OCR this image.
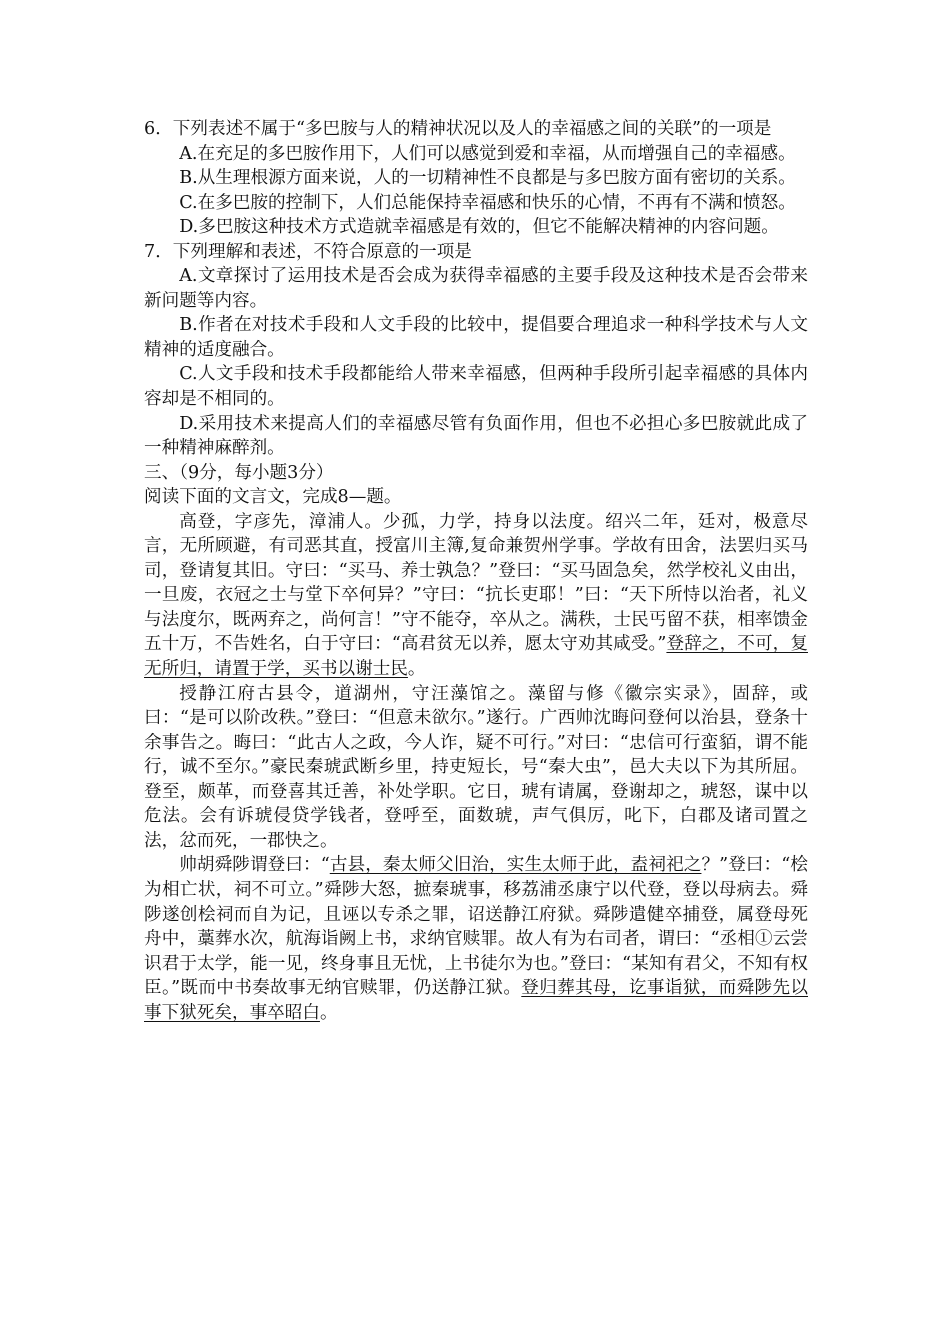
6．下列表述不属于“多巴胺与人的精神状况以及人的幸福感之间的关联”的一项是

A.在充足的多巴胺作用下，人们可以感觉到爱和幸福，从而增强自己的幸福感。

B.从生理根源方面来说，人的一切精神性不良都是与多巴胺方面有密切的关系。

C.在多巴胺的控制下，人们总能保持幸福感和快乐的心情，不再有不满和愤怒。

D.多巴胺这种技术方式造就幸福感是有效的，但它不能解决精神的内容问题。

7．下列理解和表述，不符合原意的一项是

A.文章探讨了运用技术是否会成为获得幸福感的主要手段及这种技术是否会带来新问题等内容。

B.作者在对技术手段和人文手段的比较中，提倡要合理追求一种科学技术与人文精神的适度融合。

C.人文手段和技术手段都能给人带来幸福感，但两种手段所引起幸福感的具体内容却是不相同的。

D.采用技术来提高人们的幸福感尽管有负面作用，但也不必担心多巴胺就此成了一种精神麻醉剂。

三、（9分，每小题3分）

阅读下面的文言文，完成8—题。

高登，字彦先，漳浦人。少孤，力学，持身以法度。绍兴二年，廷对，极意尽言，无所顾避，有司恶其直，授富川主簿,复命兼贺州学事。学故有田舍，法罢归买马司，登请复其旧。守曰：“买马、养士孰急？”登曰：“买马固急矣，然学校礼义由出，一旦废，衣冠之士与堂下卒何异？”守曰：“抗长吏耶！”曰：“天下所恃以治者，礼义与法度尔，既两弃之，尚何言！”守不能夺，卒从之。满秩，士民丐留不获，相率馈金五十万，不告姓名，白于守曰：“高君贫无以养，愿太守劝其咸受。”登辞之，不可，复无所归，请置于学，买书以谢士民。

授静江府古县令，道湖州，守汪藻馆之。藻留与修《徽宗实录》，固辞，或曰：“是可以阶改秩。”登曰：“但意未欲尔。”遂行。广西帅沈晦问登何以治县，登条十余事告之。晦曰：“此古人之政，今人诈，疑不可行。”对曰：“忠信可行蛮貊，谓不能行，诚不至尔。”豪民秦琥武断乡里，持吏短长，号“秦大虫”，邑大夫以下为其所屈。登至，颇革，而登喜其迁善，补处学职。它日，琥有请属，登谢却之，琥怒，谋中以危法。会有诉琥侵贷学钱者，登呼至，面数琥，声气俱厉，叱下，白郡及诸司置之法，忿而死，一郡快之。

帅胡舜陟谓登曰：“古县，秦太师父旧治，实生太师于此，盍祠祀之？”登曰：“桧为相亡状，祠不可立。”舜陟大怒，摭秦琥事，移荔浦丞康宁以代登，登以母病去。舜陟遂创桧祠而自为记，且诬以专杀之罪，诏送静江府狱。舜陟遣健卒捕登，属登母死舟中，藁葬水次，航海诣阙上书，求纳官赎罪。故人有为右司者，谓曰：“丞相①云尝识君于太学，能一见，终身事且无忧，上书徒尔为也。”登曰：“某知有君父，不知有权臣。”既而中书奏故事无纳官赎罪，仍送静江狱。登归葬其母，讫事诣狱，而舜陟先以事下狱死矣，事卒昭白。
